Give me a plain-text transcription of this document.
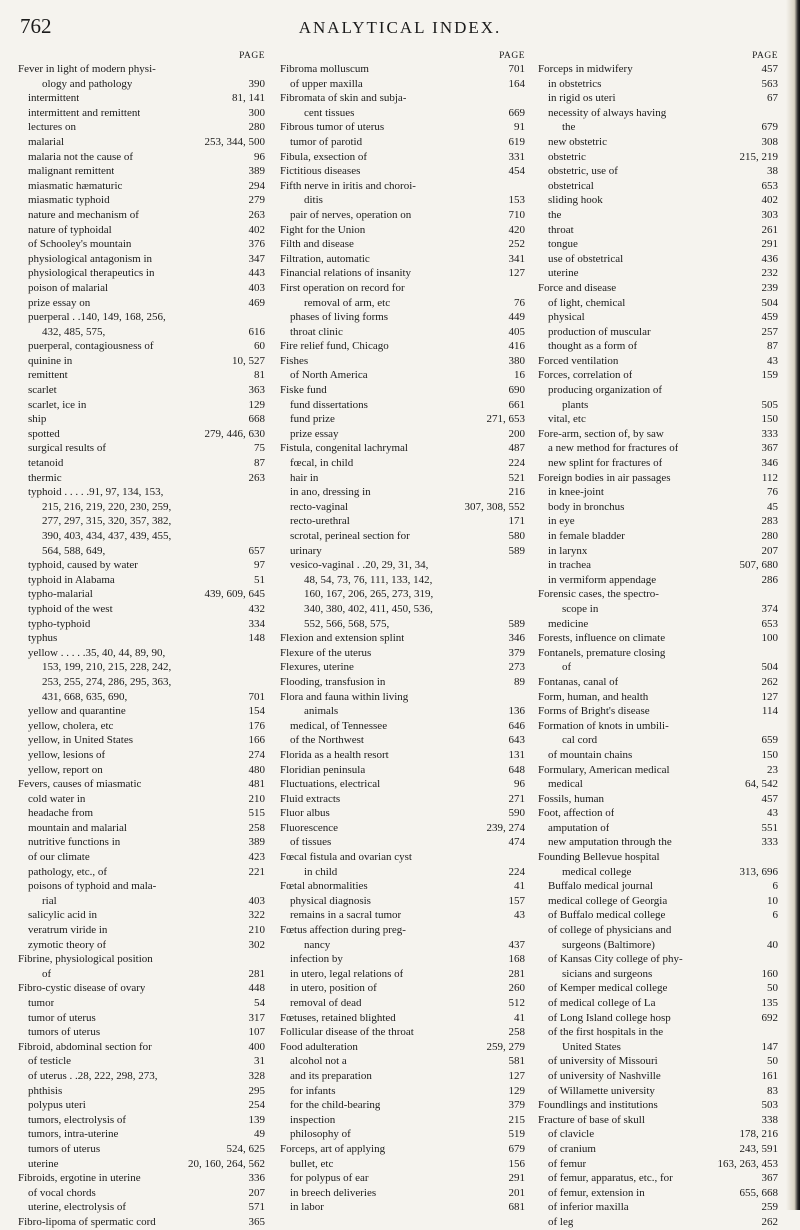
762	ANALYTICAL INDEX.
PAGE
Fever in light of modern physi-
ology and pathology	390
intermittent	81, 141
intermittent and remittent	300
lectures on	280
malarial	253, 344, 500
malaria not the cause of	96
malignant remittent	389
miasmatic hæmaturic	294
miasmatic typhoid	279
nature and mechanism of	263
nature of typhoidal	402
of Schooley's mountain	376
physiological antagonism in	347
physiological therapeutics in	443
poison of malarial	403
prize essay on	469
puerperal . .140, 149, 168, 256,
432, 485, 575,	616
puerperal, contagiousness of	60
quinine in	10, 527
remittent	81
scarlet	363
scarlet, ice in	129
ship	668
spotted	279, 446, 630
surgical results of	75
tetanoid	87
thermic	263
typhoid . . . . .91, 97, 134, 153,
215, 216, 219, 220, 230, 259,
277, 297, 315, 320, 357, 382,
390, 403, 434, 437, 439, 455,
564, 588, 649,	657
typhoid, caused by water	97
typhoid in Alabama	51
typho-malarial	439, 609, 645
typhoid of the west	432
typho-typhoid	334
typhus	148
yellow . . . . .35, 40, 44, 89, 90,
153, 199, 210, 215, 228, 242,
253, 255, 274, 286, 295, 363,
431, 668, 635, 690,	701
yellow and quarantine	154
yellow, cholera, etc	176
yellow, in United States	166
yellow, lesions of	274
yellow, report on	480
Fevers, causes of miasmatic	481
cold water in	210
headache from	515
mountain and malarial	258
nutritive functions in	389
of our climate	423
pathology, etc., of	221
poisons of typhoid and mala-
rial	403
salicylic acid in	322
veratrum viride in	210
zymotic theory of	302
Fibrine, physiological position
of	281
Fibro-cystic disease of ovary	448
tumor	54
tumor of uterus	317
tumors of uterus	107
Fibroid, abdominal section for	400
of testicle	31
of uterus . .28, 222, 298, 273,	328
phthisis	295
polypus uteri	254
tumors, electrolysis of	139
tumors, intra-uterine	49
tumors of uterus	524, 625
uterine	20, 160, 264, 562
Fibroids, ergotine in uterine	336
of vocal chords	207
uterine, electrolysis of	571
Fibro-lipoma of spermatic cord	365
PAGE
Fibroma molluscum	701
of upper maxilla	164
Fibromata of skin and subja-
cent tissues	669
Fibrous tumor of uterus	91
tumor of parotid	619
Fibula, exsection of	331
Fictitious diseases	454
Fifth nerve in iritis and choroi-
ditis	153
pair of nerves, operation on	710
Fight for the Union	420
Filth and disease	252
Filtration, automatic	341
Financial relations of insanity	127
First operation on record for
removal of arm, etc	76
phases of living forms	449
throat clinic	405
Fire relief fund, Chicago	416
Fishes	380
of North America	16
Fiske fund	690
fund dissertations	661
fund prize	271, 653
prize essay	200
Fistula, congenital lachrymal	487
fœcal, in child	224
hair in	521
in ano, dressing in	216
recto-vaginal	307, 308, 552
recto-urethral	171
scrotal, perineal section for	580
urinary	589
vesico-vaginal . .20, 29, 31, 34,
48, 54, 73, 76, 111, 133, 142,
160, 167, 206, 265, 273, 319,
340, 380, 402, 411, 450, 536,
552, 566, 568, 575,	589
Flexion and extension splint	346
Flexure of the uterus	379
Flexures, uterine	273
Flooding, transfusion in	89
Flora and fauna within living
animals	136
medical, of Tennessee	646
of the Northwest	643
Florida as a health resort	131
Floridian peninsula	648
Fluctuations, electrical	96
Fluid extracts	271
Fluor albus	590
Fluorescence	239, 274
of tissues	474
Fœcal fistula and ovarian cyst
in child	224
Fœtal abnormalities	41
physical diagnosis	157
remains in a sacral tumor	43
Fœtus affection during preg-
nancy	437
infection by	168
in utero, legal relations of	281
in utero, position of	260
removal of dead	512
Fœtuses, retained blighted	41
Follicular disease of the throat	258
Food adulteration	259, 279
alcohol not a	581
and its preparation	127
for infants	129
for the child-bearing	379
inspection	215
philosophy of	519
Forceps, art of applying	679
bullet, etc	156
for polypus of ear	291
in breech deliveries	201
in labor	681
PAGE
Forceps in midwifery	457
in obstetrics	563
in rigid os uteri	67
necessity of always having
the	679
new obstetric	308
obstetric	215, 219
obstetric, use of	38
obstetrical	653
sliding hook	402
the	303
throat	261
tongue	291
use of obstetrical	436
uterine	232
Force and disease	239
of light, chemical	504
physical	459
production of muscular	257
thought as a form of	87
Forced ventilation	43
Forces, correlation of	159
producing organization of
plants	505
vital, etc	150
Fore-arm, section of, by saw	333
a new method for fractures of	367
new splint for fractures of	346
Foreign bodies in air passages	112
in knee-joint	76
body in bronchus	45
in eye	283
in female bladder	280
in larynx	207
in trachea	507, 680
in vermiform appendage	286
Forensic cases, the spectro-
scope in	374
medicine	653
Forests, influence on climate	100
Fontanels, premature closing
of	504
Fontanas, canal of	262
Form, human, and health	127
Forms of Bright's disease	114
Formation of knots in umbili-
cal cord	659
of mountain chains	150
Formulary, American medical	23
medical	64, 542
Fossils, human	457
Foot, affection of	43
amputation of	551
new amputation through the	333
Founding Bellevue hospital
medical college	313, 696
Buffalo medical journal	6
medical college of Georgia	10
of Buffalo medical college	6
of college of physicians and
surgeons (Baltimore)	40
of Kansas City college of phy-
sicians and surgeons	160
of Kemper medical college	50
of medical college of La	135
of Long Island college hosp	692
of the first hospitals in the
United States	147
of university of Missouri	50
of university of Nashville	161
of Willamette university	83
Foundlings and institutions	503
Fracture of base of skull	338
of clavicle	178, 216
of cranium	243, 591
of femur	163, 263, 453
of femur, apparatus, etc., for	367
of femur, extension in	655, 668
of inferior maxilla	259
of leg	262
